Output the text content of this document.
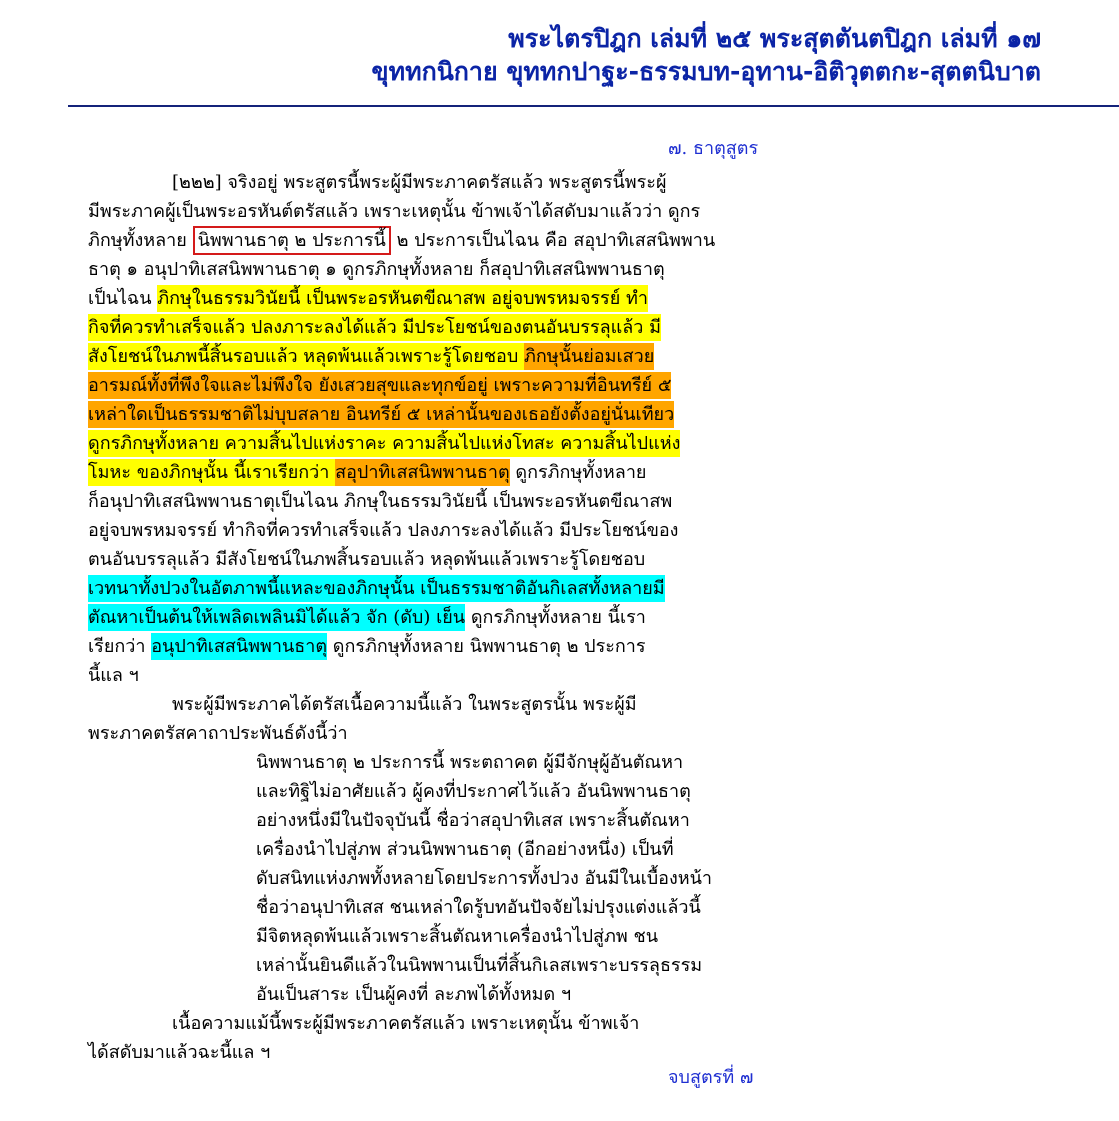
พระไตรปิฎก เล่มที่ ๒๕ พระสุตตันตปิฎก เล่มที่ ๑๗
ขุททกนิกาย ขุททกปาฐะ-ธรรมบท-อุทาน-อิติวุตตกะ-สุตตนิบาต
๗. ธาตุสูตร
[๒๒๒] จริงอยู่ พระสูตรนี้พระผู้มีพระภาคตรัสแล้ว พระสูตรนี้พระผู้
มีพระภาคผู้เป็นพระอรหันต์ตรัสแล้ว เพราะเหตุนั้น ข้าพเจ้าได้สดับมาแล้วว่า ดูกร
ภิกษุทั้งหลาย นิพพานธาตุ ๒ ประการนี้ ๒ ประการเป็นไฉน คือ สอุปาทิเสสนิพพาน
ธาตุ ๑ อนุปาทิเสสนิพพานธาตุ ๑ ดูกรภิกษุทั้งหลาย ก็สอุปาทิเสสนิพพานธาตุ
เป็นไฉน ภิกษุในธรรมวินัยนี้ เป็นพระอรหันตขีณาสพ อยู่จบพรหมจรรย์ ทำ
กิจที่ควรทำเสร็จแล้ว ปลงภาระลงได้แล้ว มีประโยชน์ของตนอันบรรลุแล้ว มี
สังโยชน์ในภพนี้สิ้นรอบแล้ว หลุดพ้นแล้วเพราะรู้โดยชอบ ภิกษุนั้นย่อมเสวย
อารมณ์ทั้งที่พึงใจและไม่พึงใจ ยังเสวยสุขและทุกข์อยู่ เพราะความที่อินทรีย์ ๕
เหล่าใดเป็นธรรมชาติไม่บุบสลาย อินทรีย์ ๕ เหล่านั้นของเธอยังตั้งอยู่นั่นเทียว
ดูกรภิกษุทั้งหลาย ความสิ้นไปแห่งราคะ ความสิ้นไปแห่งโทสะ ความสิ้นไปแห่ง
โมหะ ของภิกษุนั้น นี้เราเรียกว่า สอุปาทิเสสนิพพานธาตุ ดูกรภิกษุทั้งหลาย
ก็อนุปาทิเสสนิพพานธาตุเป็นไฉน ภิกษุในธรรมวินัยนี้ เป็นพระอรหันตขีณาสพ
อยู่จบพรหมจรรย์ ทำกิจที่ควรทำเสร็จแล้ว ปลงภาระลงได้แล้ว มีประโยชน์ของ
ตนอันบรรลุแล้ว มีสังโยชน์ในภพสิ้นรอบแล้ว หลุดพ้นแล้วเพราะรู้โดยชอบ
เวทนาทั้งปวงในอัตภาพนี้แหละของภิกษุนั้น เป็นธรรมชาติอันกิเลสทั้งหลายมี
ตัณหาเป็นต้นให้เพลิดเพลินมิได้แล้ว จัก (ดับ) เย็น ดูกรภิกษุทั้งหลาย นี้เรา
เรียกว่า อนุปาทิเสสนิพพานธาตุ ดูกรภิกษุทั้งหลาย นิพพานธาตุ ๒ ประการ
นี้แล ฯ
พระผู้มีพระภาคได้ตรัสเนื้อความนี้แล้ว ในพระสูตรนั้น พระผู้มี
พระภาคตรัสคาถาประพันธ์ดังนี้ว่า
นิพพานธาตุ ๒ ประการนี้ พระตถาคต ผู้มีจักษุผู้อันตัณหา
และทิฐิไม่อาศัยแล้ว ผู้คงที่ประกาศไว้แล้ว อันนิพพานธาตุ
อย่างหนึ่งมีในปัจจุบันนี้ ชื่อว่าสอุปาทิเสส เพราะสิ้นตัณหา
เครื่องนำไปสู่ภพ ส่วนนิพพานธาตุ (อีกอย่างหนึ่ง) เป็นที่
ดับสนิทแห่งภพทั้งหลายโดยประการทั้งปวง อันมีในเบื้องหน้า
ชื่อว่าอนุปาทิเสส ชนเหล่าใดรู้บทอันปัจจัยไม่ปรุงแต่งแล้วนี้
มีจิตหลุดพ้นแล้วเพราะสิ้นตัณหาเครื่องนำไปสู่ภพ ชน
เหล่านั้นยินดีแล้วในนิพพานเป็นที่สิ้นกิเลสเพราะบรรลุธรรม
อันเป็นสาระ เป็นผู้คงที่ ละภพได้ทั้งหมด ฯ
เนื้อความแม้นี้พระผู้มีพระภาคตรัสแล้ว เพราะเหตุนั้น ข้าพเจ้า
ได้สดับมาแล้วฉะนี้แล ฯ
จบสูตรที่ ๗
